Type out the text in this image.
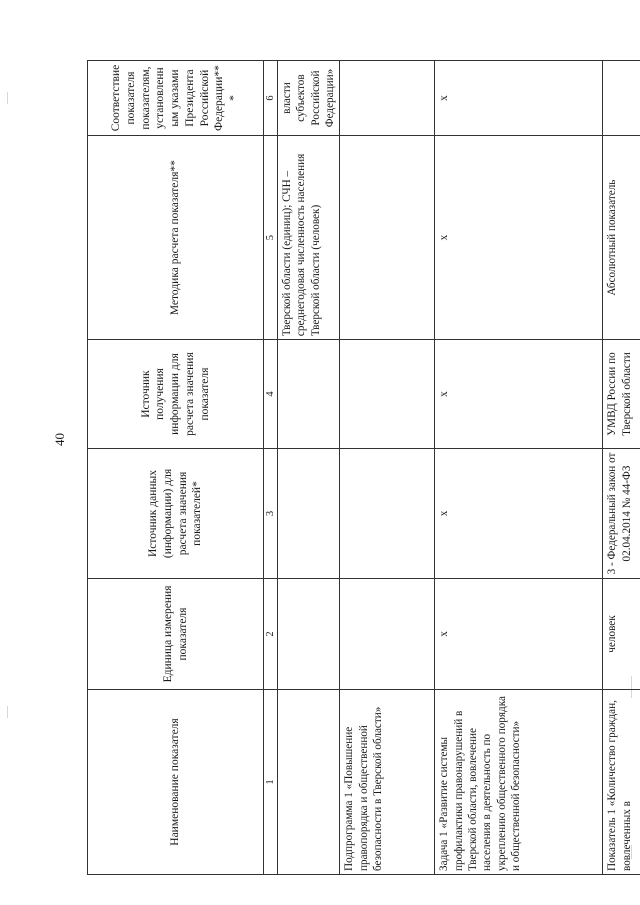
40
Наименование показателя	Единица измерения показателя	Источник данных (информации) для расчета значения показателей*	Источник получения информации для расчета значения показателя	Методика расчета показателя**	Соответствие показателя показателям, установленным указами Президента Российской Федерации***
1	2	3	4	5	6
				Тверской области (единиц); СЧН – среднегодовая численность населения Тверской области (человек)	власти субъектов Российской Федерации»
Подпрограмма 1 «Повышение правопорядка и общественной безопасности в Тверской области»					
Задача 1 «Развитие системы профилактики правонарушений в Тверской области, вовлечение населения в деятельность по укреплению общественного порядка и общественной безопасности»	x	x	x	x	x
Показатель 1 «Количество граждан, вовлеченных в	человек	3 - Федеральный закон от 02.04.2014 № 44-ФЗ	УМВД России по Тверской области	Абсолютный показатель	
